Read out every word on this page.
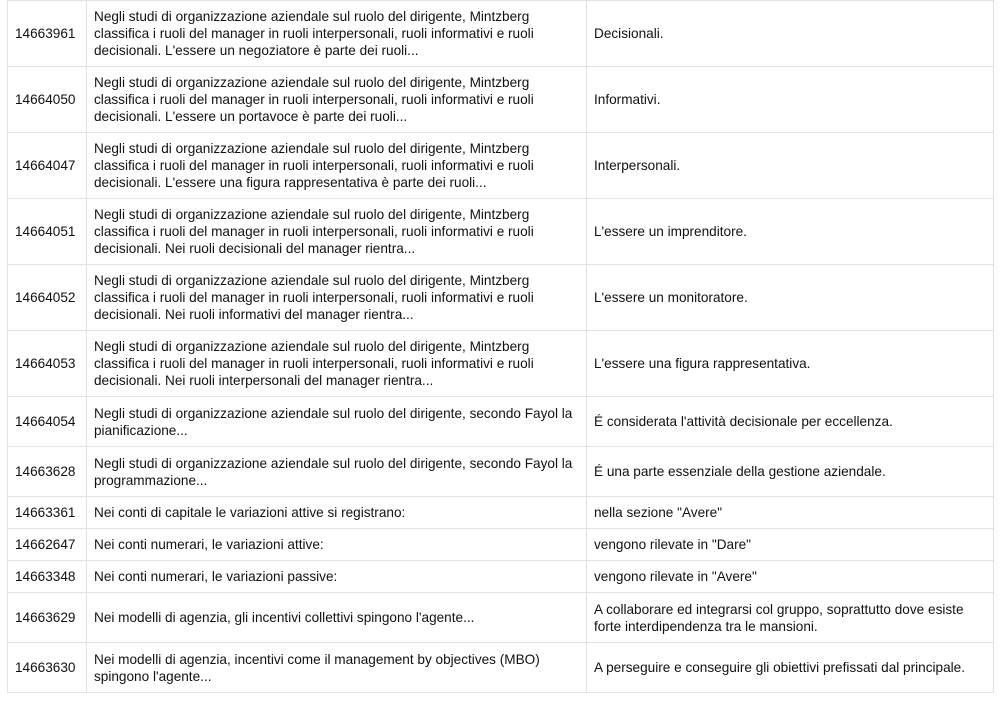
14663961	Negli studi di organizzazione aziendale sul ruolo del dirigente, Mintzberg classifica i ruoli del manager in ruoli interpersonali, ruoli informativi e ruoli decisionali. L'essere un negoziatore è parte dei ruoli...	Decisionali.
14664050	Negli studi di organizzazione aziendale sul ruolo del dirigente, Mintzberg classifica i ruoli del manager in ruoli interpersonali, ruoli informativi e ruoli decisionali. L'essere un portavoce è parte dei ruoli...	Informativi.
14664047	Negli studi di organizzazione aziendale sul ruolo del dirigente, Mintzberg classifica i ruoli del manager in ruoli interpersonali, ruoli informativi e ruoli decisionali. L'essere una figura rappresentativa è parte dei ruoli...	Interpersonali.
14664051	Negli studi di organizzazione aziendale sul ruolo del dirigente, Mintzberg classifica i ruoli del manager in ruoli interpersonali, ruoli informativi e ruoli decisionali. Nei ruoli decisionali del manager rientra...	L'essere un imprenditore.
14664052	Negli studi di organizzazione aziendale sul ruolo del dirigente, Mintzberg classifica i ruoli del manager in ruoli interpersonali, ruoli informativi e ruoli decisionali. Nei ruoli informativi del manager rientra...	L'essere un monitoratore.
14664053	Negli studi di organizzazione aziendale sul ruolo del dirigente, Mintzberg classifica i ruoli del manager in ruoli interpersonali, ruoli informativi e ruoli decisionali. Nei ruoli interpersonali del manager rientra...	L'essere una figura rappresentativa.
14664054	Negli studi di organizzazione aziendale sul ruolo del dirigente, secondo Fayol la pianificazione...	É considerata l'attività decisionale per eccellenza.
14663628	Negli studi di organizzazione aziendale sul ruolo del dirigente, secondo Fayol la programmazione...	É una parte essenziale della gestione aziendale.
14663361	Nei conti di capitale le variazioni attive si registrano:	nella sezione "Avere"
14662647	Nei conti numerari, le variazioni attive:	vengono rilevate in "Dare"
14663348	Nei conti numerari, le variazioni passive:	vengono rilevate in "Avere"
14663629	Nei modelli di agenzia, gli incentivi collettivi spingono l'agente...	A collaborare ed integrarsi col gruppo, soprattutto dove esiste forte interdipendenza tra le mansioni.
14663630	Nei modelli di agenzia, incentivi come il management by objectives (MBO) spingono l'agente...	A perseguire e conseguire gli obiettivi prefissati dal principale.
